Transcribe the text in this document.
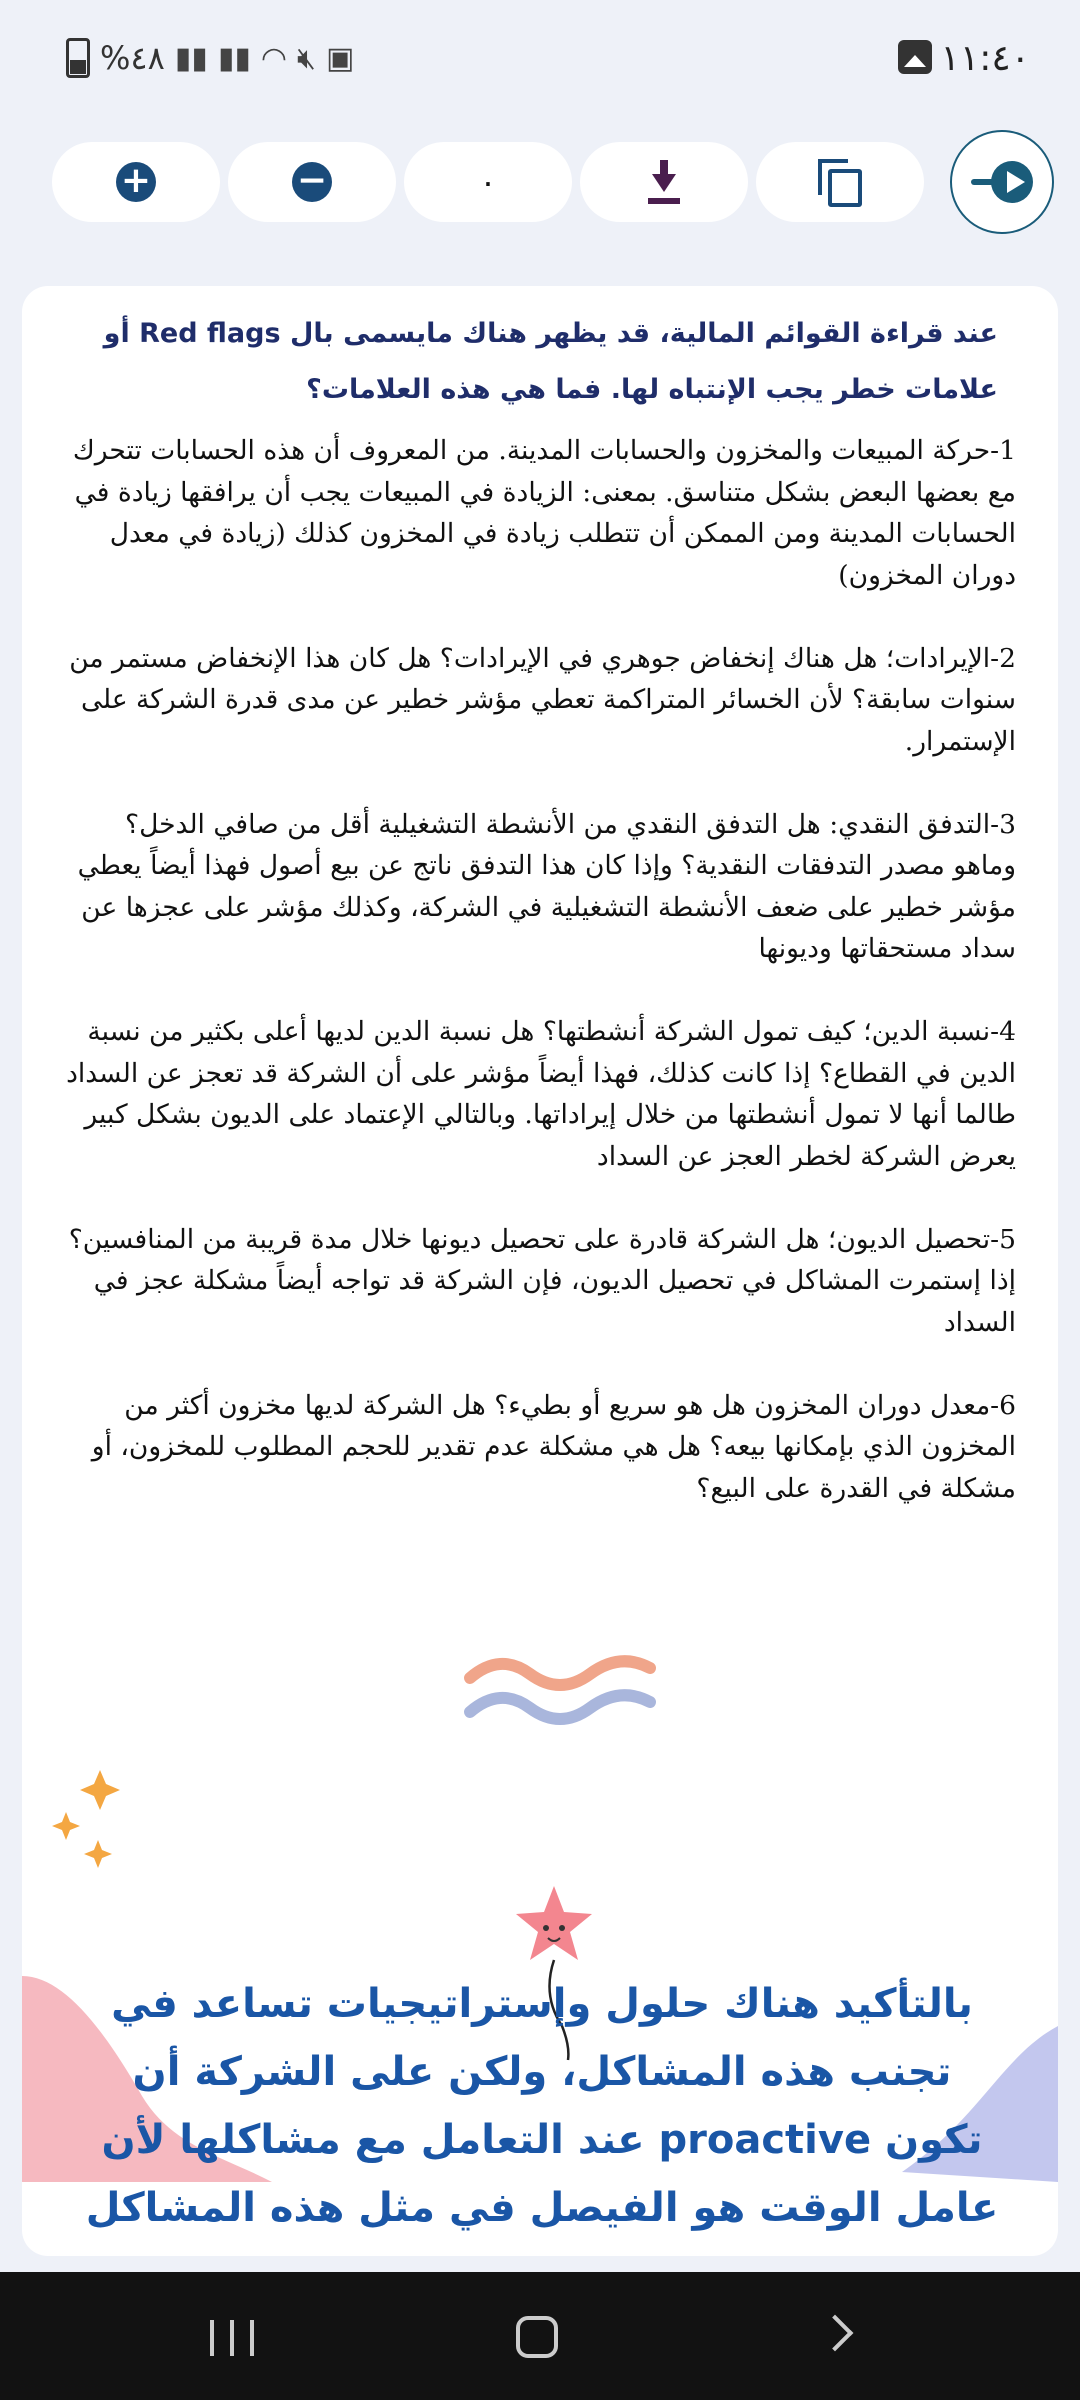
%٤٨ ▮▮ ▮▮ ◠ 🔇︎ ▣	١١:٤٠
+	−	٠
عند قراءة القوائم المالية، قد يظهر هناك مايسمى بال Red flags أو علامات خطر يجب الإنتباه لها. فما هي هذه العلامات؟

1-حركة المبيعات والمخزون والحسابات المدينة. من المعروف أن هذه الحسابات تتحرك مع بعضها البعض بشكل متناسق. بمعنى: الزيادة في المبيعات يجب أن يرافقها زيادة في الحسابات المدينة ومن الممكن أن تتطلب زيادة في المخزون كذلك (زيادة في معدل دوران المخزون)

2-الإيرادات؛ هل هناك إنخفاض جوهري في الإيرادات؟ هل كان هذا الإنخفاض مستمر من سنوات سابقة؟ لأن الخسائر المتراكمة تعطي مؤشر خطير عن مدى قدرة الشركة على الإستمرار.

3-التدفق النقدي: هل التدفق النقدي من الأنشطة التشغيلية أقل من صافي الدخل؟ وماهو مصدر التدفقات النقدية؟ وإذا كان هذا التدفق ناتج عن بيع أصول فهذا أيضاً يعطي مؤشر خطير على ضعف الأنشطة التشغيلية في الشركة، وكذلك مؤشر على عجزها عن سداد مستحقاتها وديونها

4-نسبة الدين؛ كيف تمول الشركة أنشطتها؟ هل نسبة الدين لديها أعلى بكثير من نسبة الدين في القطاع؟ إذا كانت كذلك، فهذا أيضاً مؤشر على أن الشركة قد تعجز عن السداد طالما أنها لا تمول أنشطتها من خلال إيراداتها. وبالتالي الإعتماد على الديون بشكل كبير يعرض الشركة لخطر العجز عن السداد

5-تحصيل الديون؛ هل الشركة قادرة على تحصيل ديونها خلال مدة قريبة من المنافسين؟ إذا إستمرت المشاكل في تحصيل الديون، فإن الشركة قد تواجه أيضاً مشكلة عجز في السداد

6-معدل دوران المخزون هل هو سريع أو بطيء؟ هل الشركة لديها مخزون أكثر من المخزون الذي بإمكانها بيعه؟ هل هي مشكلة عدم تقدير للحجم المطلوب للمخزون، أو مشكلة في القدرة على البيع؟

بالتأكيد هناك حلول وإستراتيجيات تساعد في تجنب هذه المشاكل، ولكن على الشركة أن تكون proactive عند التعامل مع مشاكلها لأن عامل الوقت هو الفيصل في مثل هذه المشاكل
